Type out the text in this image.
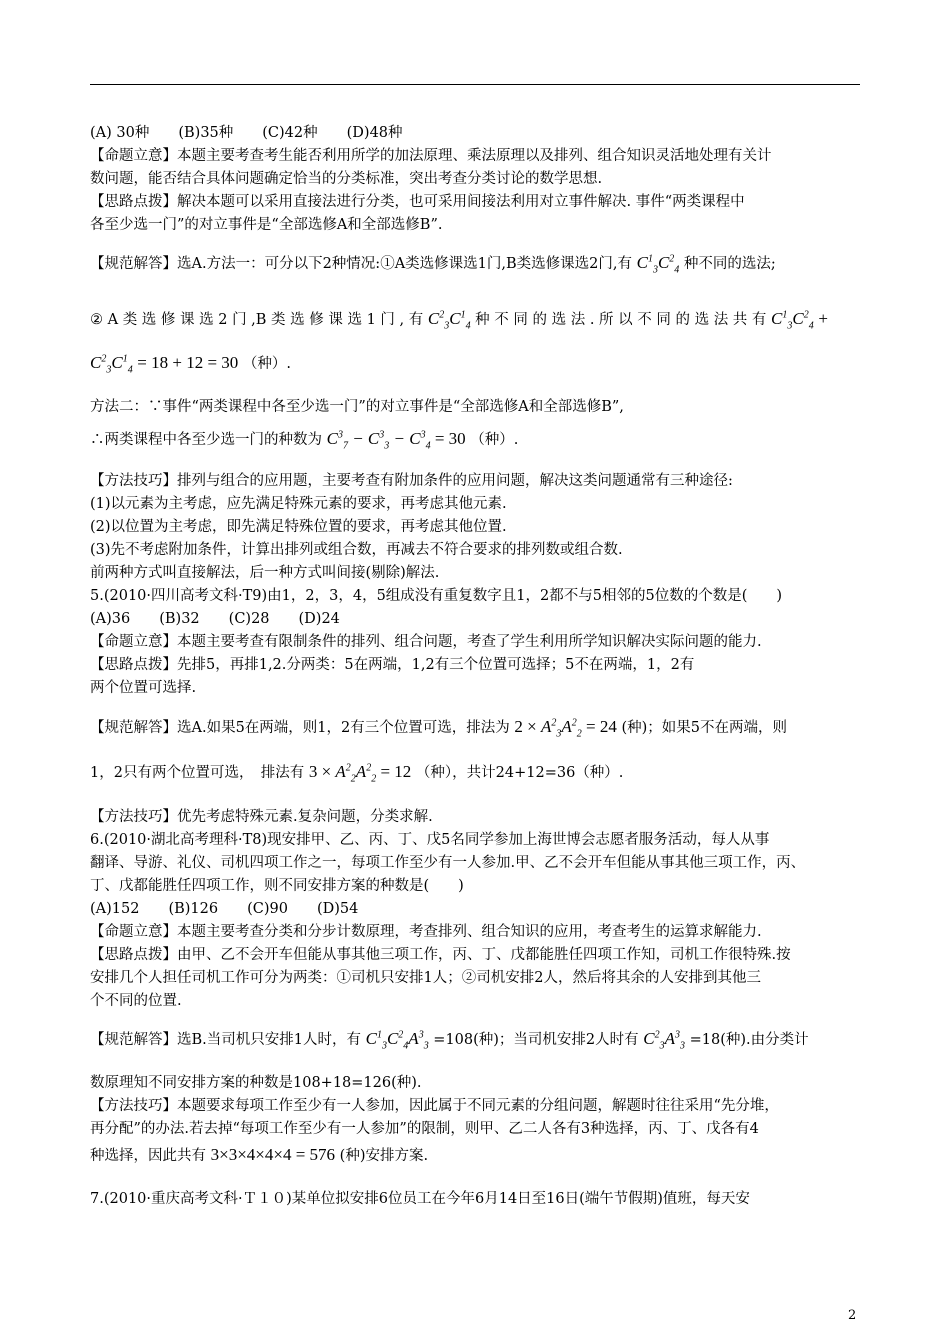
(A) 30种　　(B)35种　　(C)42种　　(D)48种
【命题立意】本题主要考查考生能否利用所学的加法原理、乘法原理以及排列、组合知识灵活地处理有关计
数问题，能否结合具体问题确定恰当的分类标准，突出考查分类讨论的数学思想.
【思路点拨】解决本题可以采用直接法进行分类，也可采用间接法利用对立事件解决. 事件“两类课程中
各至少选一门”的对立事件是“全部选修A和全部选修B”.
【规范解答】选A.方法一：可分以下2种情况:①A类选修课选1门,B类选修课选2门,有 $C^1_3C^2_4$ 种不同的选法;
② A 类 选 修 课 选 2 门 ,B 类 选 修 课 选 1 门 , 有 $C^2_3C^1_4$ 种 不 同 的 选 法 . 所 以 不 同 的 选 法 共 有 $C^1_3C^2_4$ +
$C^2_3C^1_4 = 18 + 12 = 30$ （种）.
方法二：∵事件“两类课程中各至少选一门”的对立事件是“全部选修A和全部选修B”,
∴两类课程中各至少选一门的种数为 $C^3_7 - C^3_3 - C^3_4 = 30$ （种）.
【方法技巧】排列与组合的应用题，主要考查有附加条件的应用问题，解决这类问题通常有三种途径:
(1)以元素为主考虑，应先满足特殊元素的要求，再考虑其他元素.
(2)以位置为主考虑，即先满足特殊位置的要求，再考虑其他位置.
(3)先不考虑附加条件，计算出排列或组合数，再减去不符合要求的排列数或组合数.
前两种方式叫直接解法，后一种方式叫间接(剔除)解法.
5.(2010·四川高考文科·T9)由1，2，3，4，5组成没有重复数字且1，2都不与5相邻的5位数的个数是(　　)
(A)36　　(B)32　　(C)28　　(D)24
【命题立意】本题主要考查有限制条件的排列、组合问题，考查了学生利用所学知识解决实际问题的能力.
【思路点拨】先排5，再排1,2.分两类：5在两端，1,2有三个位置可选择；5不在两端，1，2有
两个位置可选择.
【规范解答】选A.如果5在两端，则1，2有三个位置可选，排法为 $2 \times A^2_3A^2_2 = 24$ (种)；如果5不在两端，则
1，2只有两个位置可选，　排法有 $3 \times A^2_2A^2_2 = 12$ （种），共计24+12=36（种）.
【方法技巧】优先考虑特殊元素.复杂问题，分类求解.
6.(2010·湖北高考理科·T8)现安排甲、乙、丙、丁、戊5名同学参加上海世博会志愿者服务活动，每人从事
翻译、导游、礼仪、司机四项工作之一，每项工作至少有一人参加.甲、乙不会开车但能从事其他三项工作，丙、
丁、戊都能胜任四项工作，则不同安排方案的种数是(　　)
(A)152　　(B)126　　(C)90　　(D)54
【命题立意】本题主要考查分类和分步计数原理，考查排列、组合知识的应用，考查考生的运算求解能力.
【思路点拨】由甲、乙不会开车但能从事其他三项工作，丙、丁、戊都能胜任四项工作知，司机工作很特殊.按
安排几个人担任司机工作可分为两类：①司机只安排1人；②司机安排2人，然后将其余的人安排到其他三
个不同的位置.
【规范解答】选B.当司机只安排1人时，有 $C^1_3C^2_4A^3_3 =108$(种)；当司机安排2人时有 $C^2_3A^3_3 =18$(种).由分类计
数原理知不同安排方案的种数是108+18=126(种).
【方法技巧】本题要求每项工作至少有一人参加，因此属于不同元素的分组问题，解题时往往采用“先分堆，
再分配”的办法.若去掉“每项工作至少有一人参加”的限制，则甲、乙二人各有3种选择，丙、丁、戊各有4
种选择，因此共有 3×3×4×4×4 = 576 (种)安排方案.
7.(2010·重庆高考文科·Ｔ１０)某单位拟安排6位员工在今年6月14日至16日(端午节假期)值班，每天安
2
